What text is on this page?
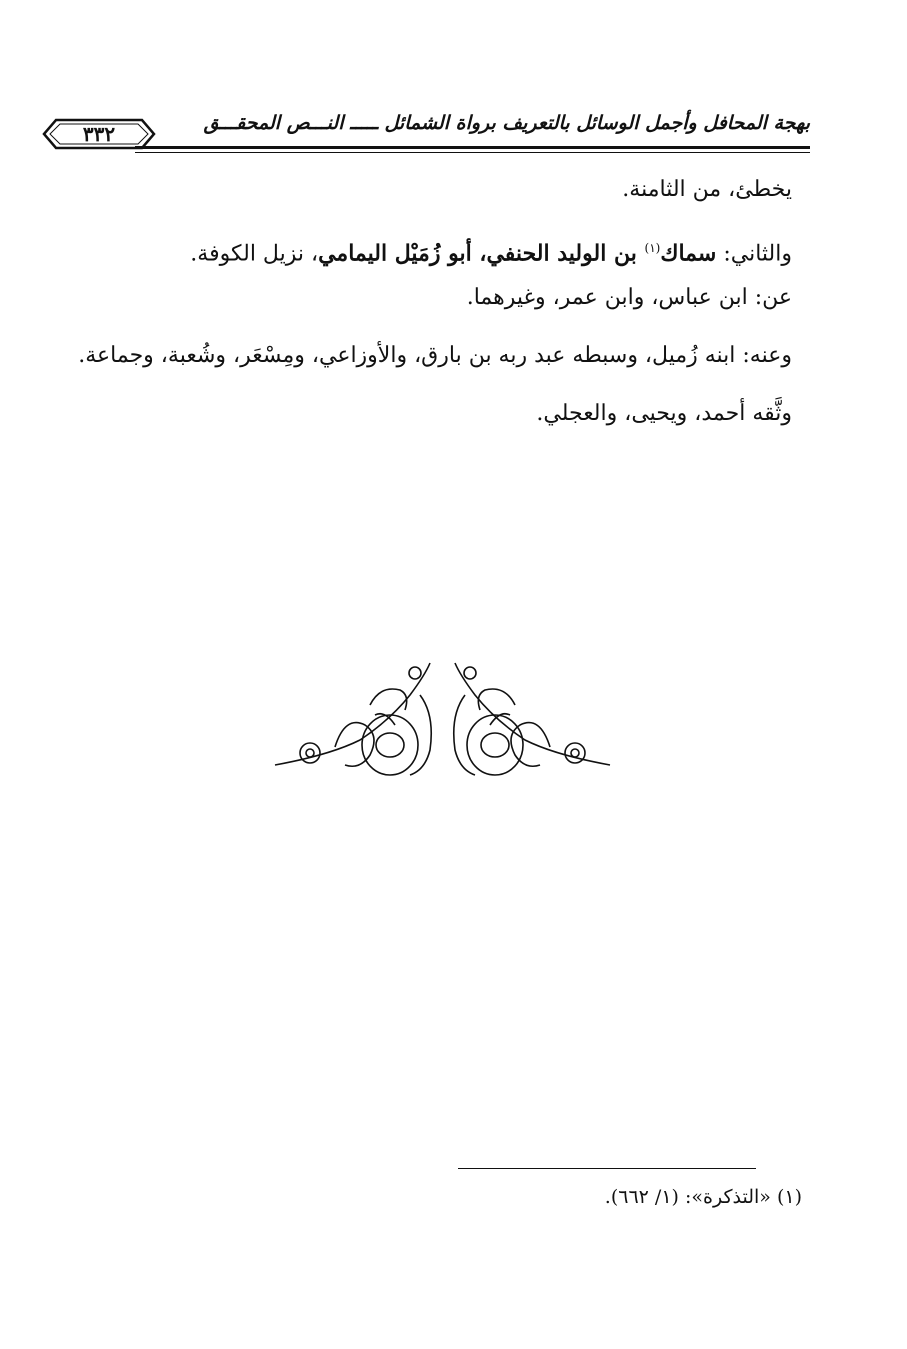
بهجة المحافل وأجمل الوسائل بالتعريف برواة الشمائل ـــــ النـــص المحقـــق
٣٣٢

يخطئ، من الثامنة.

والثاني: سماك$^{(١)}$ بن الوليد الحنفي، أبو زُمَيْل اليمامي، نزيل الكوفة.

عن: ابن عباس، وابن عمر، وغيرهما.

وعنه: ابنه زُميل، وسبطه عبد ربه بن بارق، والأوزاعي، ومِسْعَر، وشُعبة، وجماعة.

وثَّقه أحمد، ويحيى، والعجلي.

(١) «التذكرة»: (١/ ٦٦٢).
